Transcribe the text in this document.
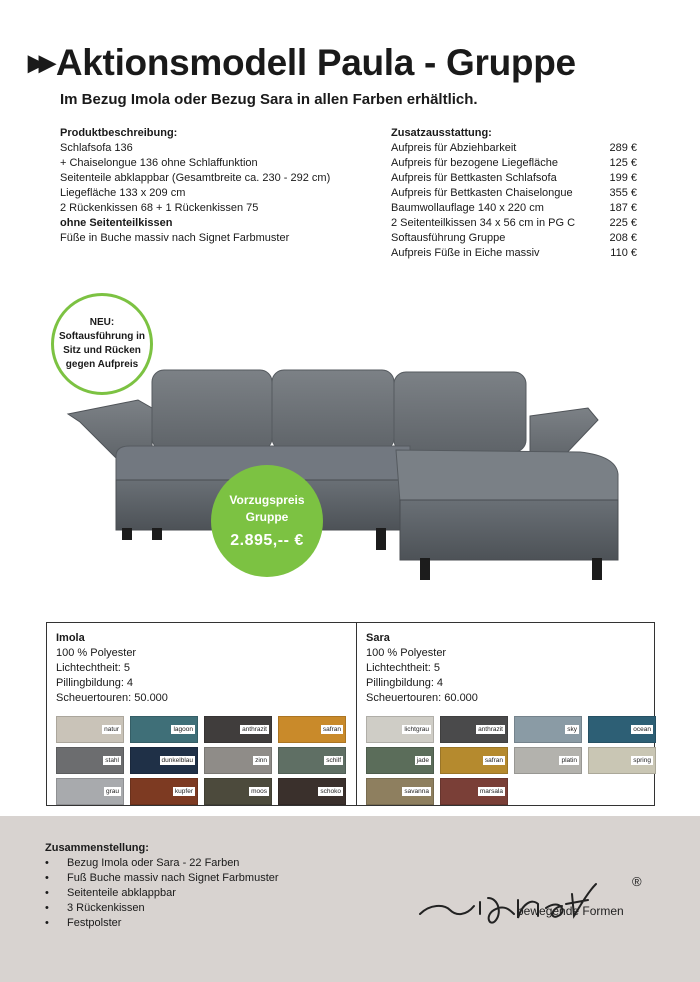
▶▶ Aktionsmodell Paula - Gruppe
Im Bezug Imola oder Bezug Sara in allen Farben erhältlich.
Produktbeschreibung:
Schlafsofa 136
+ Chaiselongue 136 ohne Schlaffunktion
Seitenteile abklappbar (Gesamtbreite ca. 230 - 292 cm)
Liegefläche 133 x 209 cm
2 Rückenkissen 68 + 1 Rückenkissen 75
ohne Seitenteilkissen
Füße in Buche massiv nach Signet Farbmuster
Zusatzausstattung:
Aufpreis für Abziehbarkeit	289 €
Aufpreis für bezogene Liegefläche	125 €
Aufpreis für Bettkasten Schlafsofa	199 €
Aufpreis für Bettkasten Chaiselongue	355 €
Baumwollauflage 140 x 220 cm	187 €
2 Seitenteilkissen 34 x 56 cm in PG C	225 €
Softausführung Gruppe	208 €
Aufpreis Füße in Eiche massiv	110 €
NEU:
Softausführung in
Sitz und Rücken
gegen Aufpreis
Vorzugspreis
Gruppe
2.895,-- €
Imola
100 % Polyester
Lichtechtheit: 5
Pillingbildung: 4
Scheuertouren: 50.000
natur	lagoon	anthrazit	safran
stahl	dunkelblau	zinn	schilf
grau	kupfer	moos	schoko
Sara
100 % Polyester
Lichtechtheit: 5
Pillingbildung: 4
Scheuertouren: 60.000
lichtgrau	anthrazit	sky	ocean
jade	safran	platin	spring
savanna	marsala
Zusammenstellung:
• Bezug Imola oder Sara - 22 Farben
• Fuß Buche massiv nach Signet Farbmuster
• Seitenteile abklappbar
• 3 Rückenkissen
• Festpolster
®
bewegende Formen
